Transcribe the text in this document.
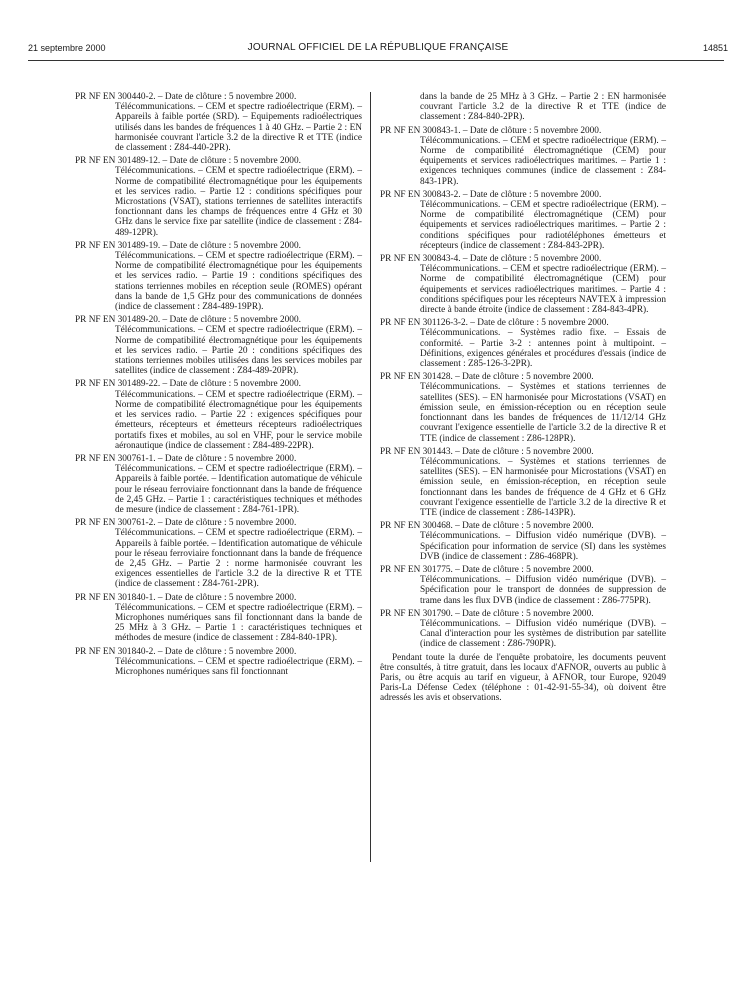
21 septembre 2000	JOURNAL OFFICIEL DE LA RÉPUBLIQUE FRANÇAISE	14851
PR NF EN 300440-2. – Date de clôture : 5 novembre 2000.
Télécommunications. – CEM et spectre radioélectrique (ERM). – Appareils à faible portée (SRD). – Equipements radioélectriques utilisés dans les bandes de fréquences 1 à 40 GHz. – Partie 2 : EN harmonisée couvrant l'article 3.2 de la directive R et TTE (indice de classement : Z84-440-2PR).
PR NF EN 301489-12. – Date de clôture : 5 novembre 2000.
Télécommunications. – CEM et spectre radioélectrique (ERM). – Norme de compatibilité électromagnétique pour les équipements et les services radio. – Partie 12 : conditions spécifiques pour Microstations (VSAT), stations terriennes de satellites interactifs fonctionnant dans les champs de fréquences entre 4 GHz et 30 GHz dans le service fixe par satellite (indice de classement : Z84-489-12PR).
PR NF EN 301489-19. – Date de clôture : 5 novembre 2000.
Télécommunications. – CEM et spectre radioélectrique (ERM). – Norme de compatibilité électromagnétique pour les équipements et les services radio. – Partie 19 : conditions spécifiques des stations terriennes mobiles en réception seule (ROMES) opérant dans la bande de 1,5 GHz pour des communications de données (indice de classement : Z84-489-19PR).
PR NF EN 301489-20. – Date de clôture : 5 novembre 2000.
Télécommunications. – CEM et spectre radioélectrique (ERM). – Norme de compatibilité électromagnétique pour les équipements et les services radio. – Partie 20 : conditions spécifiques des stations terriennes mobiles utilisées dans les services mobiles par satellites (indice de classement : Z84-489-20PR).
PR NF EN 301489-22. – Date de clôture : 5 novembre 2000.
Télécommunications. – CEM et spectre radioélectrique (ERM). – Norme de compatibilité électromagnétique pour les équipements et les services radio. – Partie 22 : exigences spécifiques pour émetteurs, récepteurs et émetteurs récepteurs radioélectriques portatifs fixes et mobiles, au sol en VHF, pour le service mobile aéronautique (indice de classement : Z84-489-22PR).
PR NF EN 300761-1. – Date de clôture : 5 novembre 2000.
Télécommunications. – CEM et spectre radioélectrique (ERM). – Appareils à faible portée. – Identification automatique de véhicule pour le réseau ferroviaire fonctionnant dans la bande de fréquence de 2,45 GHz. – Partie 1 : caractéristiques techniques et méthodes de mesure (indice de classement : Z84-761-1PR).
PR NF EN 300761-2. – Date de clôture : 5 novembre 2000.
Télécommunications. – CEM et spectre radioélectrique (ERM). – Appareils à faible portée. – Identification automatique de véhicule pour le réseau ferroviaire fonctionnant dans la bande de fréquence de 2,45 GHz. – Partie 2 : norme harmonisée couvrant les exigences essentielles de l'article 3.2 de la directive R et TTE (indice de classement : Z84-761-2PR).
PR NF EN 301840-1. – Date de clôture : 5 novembre 2000.
Télécommunications. – CEM et spectre radioélectrique (ERM). – Microphones numériques sans fil fonctionnant dans la bande de 25 MHz à 3 GHz. – Partie 1 : caractéristiques techniques et méthodes de mesure (indice de classement : Z84-840-1PR).
PR NF EN 301840-2. – Date de clôture : 5 novembre 2000.
Télécommunications. – CEM et spectre radioélectrique (ERM). – Microphones numériques sans fil fonctionnant
dans la bande de 25 MHz à 3 GHz. – Partie 2 : EN harmonisée couvrant l'article 3.2 de la directive R et TTE (indice de classement : Z84-840-2PR).
PR NF EN 300843-1. – Date de clôture : 5 novembre 2000.
Télécommunications. – CEM et spectre radioélectrique (ERM). – Norme de compatibilité électromagnétique (CEM) pour équipements et services radioélectriques maritimes. – Partie 1 : exigences techniques communes (indice de classement : Z84-843-1PR).
PR NF EN 300843-2. – Date de clôture : 5 novembre 2000.
Télécommunications. – CEM et spectre radioélectrique (ERM). – Norme de compatibilité électromagnétique (CEM) pour équipements et services radioélectriques maritimes. – Partie 2 : conditions spécifiques pour radiotéléphones émetteurs et récepteurs (indice de classement : Z84-843-2PR).
PR NF EN 300843-4. – Date de clôture : 5 novembre 2000.
Télécommunications. – CEM et spectre radioélectrique (ERM). – Norme de compatibilité électromagnétique (CEM) pour équipements et services radioélectriques maritimes. – Partie 4 : conditions spécifiques pour les récepteurs NAVTEX à impression directe à bande étroite (indice de classement : Z84-843-4PR).
PR NF EN 301126-3-2. – Date de clôture : 5 novembre 2000.
Télécommunications. – Systèmes radio fixe. – Essais de conformité. – Partie 3-2 : antennes point à multipoint. – Définitions, exigences générales et procédures d'essais (indice de classement : Z85-126-3-2PR).
PR NF EN 301428. – Date de clôture : 5 novembre 2000.
Télécommunications. – Systèmes et stations terriennes de satellites (SES). – EN harmonisée pour Microstations (VSAT) en émission seule, en émission-réception ou en réception seule fonctionnant dans les bandes de fréquences de 11/12/14 GHz couvrant l'exigence essentielle de l'article 3.2 de la directive R et TTE (indice de classement : Z86-128PR).
PR NF EN 301443. – Date de clôture : 5 novembre 2000.
Télécommunications. – Systèmes et stations terriennes de satellites (SES). – EN harmonisée pour Microstations (VSAT) en émission seule, en émission-réception, en réception seule fonctionnant dans les bandes de fréquence de 4 GHz et 6 GHz couvrant l'exigence essentielle de l'article 3.2 de la directive R et TTE (indice de classement : Z86-143PR).
PR NF EN 300468. – Date de clôture : 5 novembre 2000.
Télécommunications. – Diffusion vidéo numérique (DVB). – Spécification pour information de service (SI) dans les systèmes DVB (indice de classement : Z86-468PR).
PR NF EN 301775. – Date de clôture : 5 novembre 2000.
Télécommunications. – Diffusion vidéo numérique (DVB). – Spécification pour le transport de données de suppression de trame dans les flux DVB (indice de classement : Z86-775PR).
PR NF EN 301790. – Date de clôture : 5 novembre 2000.
Télécommunications. – Diffusion vidéo numérique (DVB). – Canal d'interaction pour les systèmes de distribution par satellite (indice de classement : Z86-790PR).
Pendant toute la durée de l'enquête probatoire, les documents peuvent être consultés, à titre gratuit, dans les locaux d'AFNOR, ouverts au public à Paris, ou être acquis au tarif en vigueur, à AFNOR, tour Europe, 92049 Paris-La Défense Cedex (téléphone : 01-42-91-55-34), où doivent être adressés les avis et observations.
